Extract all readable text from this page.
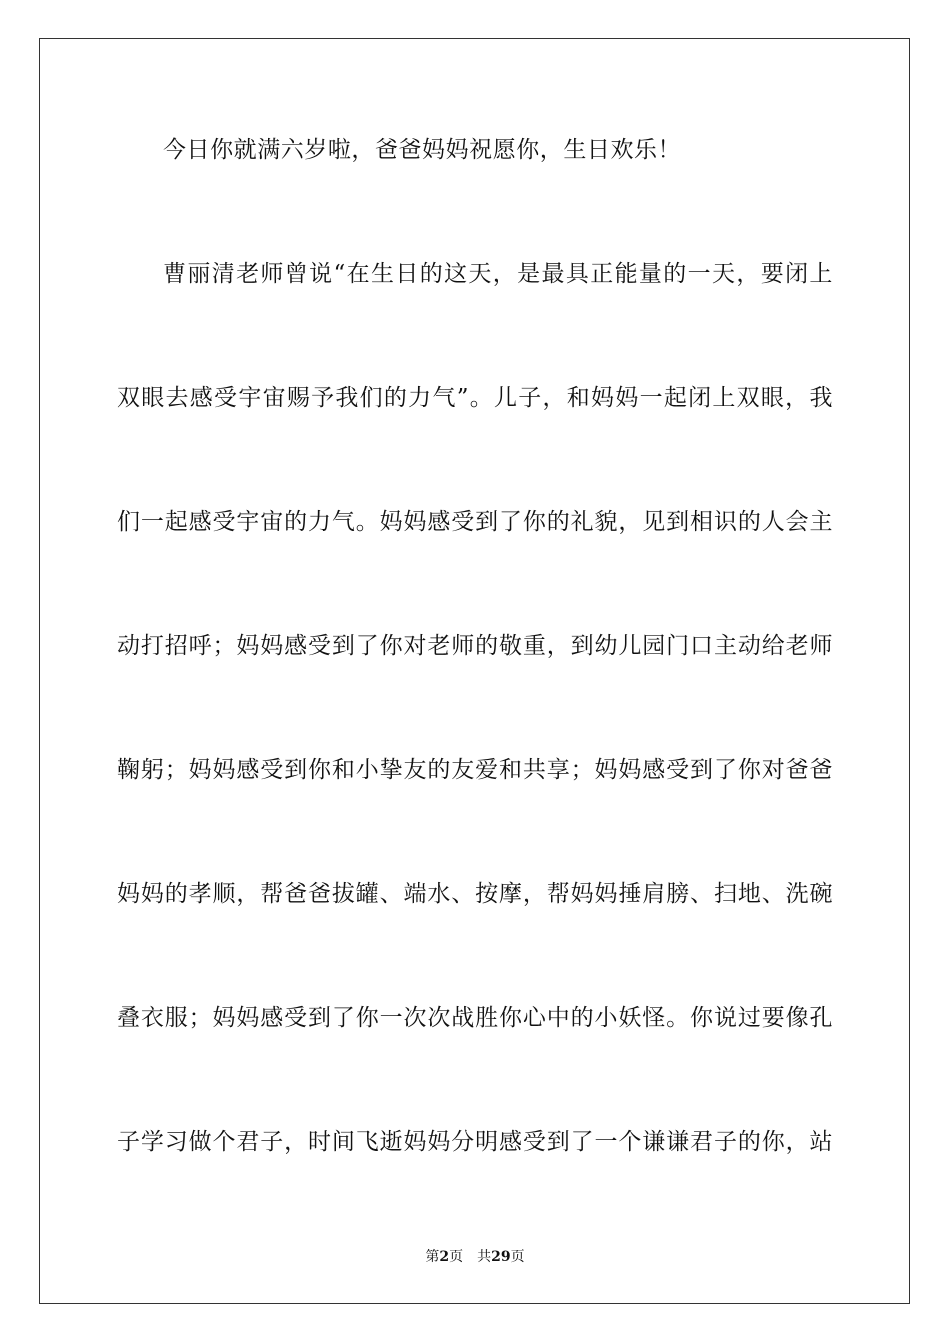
今日你就满六岁啦，爸爸妈妈祝愿你，生日欢乐！
曹丽清老师曾说“在生日的这天，是最具正能量的一天，要闭上
双眼去感受宇宙赐予我们的力气”。儿子，和妈妈一起闭上双眼，我
们一起感受宇宙的力气。妈妈感受到了你的礼貌，见到相识的人会主
动打招呼；妈妈感受到了你对老师的敬重，到幼儿园门口主动给老师
鞠躬；妈妈感受到你和小挚友的友爱和共享；妈妈感受到了你对爸爸
妈妈的孝顺，帮爸爸拔罐、端水、按摩，帮妈妈捶肩膀、扫地、洗碗
叠衣服；妈妈感受到了你一次次战胜你心中的小妖怪。你说过要像孔
子学习做个君子，时间飞逝妈妈分明感受到了一个谦谦君子的你，站
第2页 共29页
